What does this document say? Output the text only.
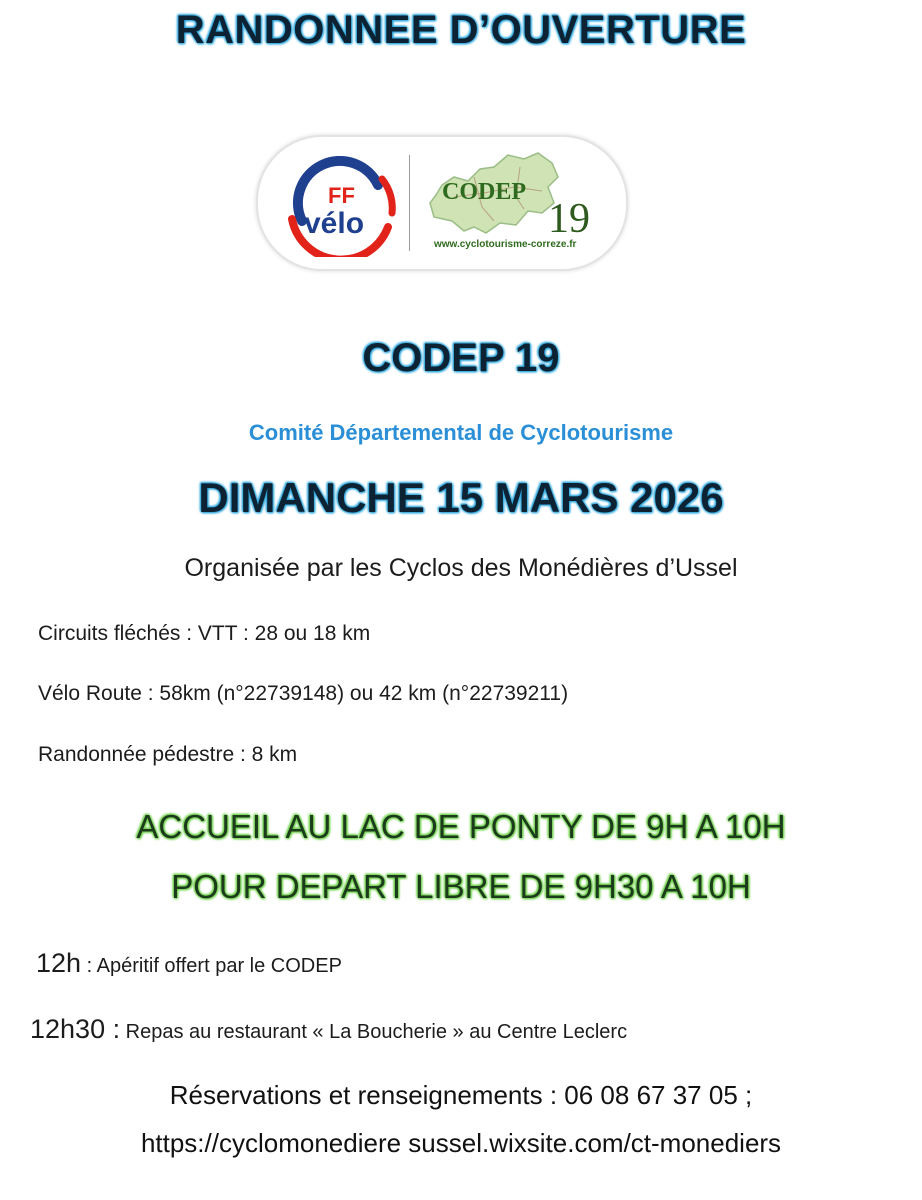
RANDONNEE D’OUVERTURE
FF
vélo
CODEP
19
www.cyclotourisme-correze.fr
CODEP 19
Comité Départemental de Cyclotourisme
DIMANCHE 15 MARS 2026
Organisée par les Cyclos des Monédières d’Ussel
Circuits fléchés : VTT : 28 ou 18 km
Vélo Route : 58km (n°22739148) ou 42 km (n°22739211)
Randonnée pédestre : 8 km
ACCUEIL AU LAC DE PONTY DE 9H A 10H
POUR DEPART LIBRE DE 9H30 A 10H
12h : Apéritif offert par le CODEP
12h30 : Repas au restaurant « La Boucherie » au Centre Leclerc
Réservations et renseignements : 06 08 67 37 05 ;
https://cyclomonediere sussel.wixsite.com/ct-monediers
